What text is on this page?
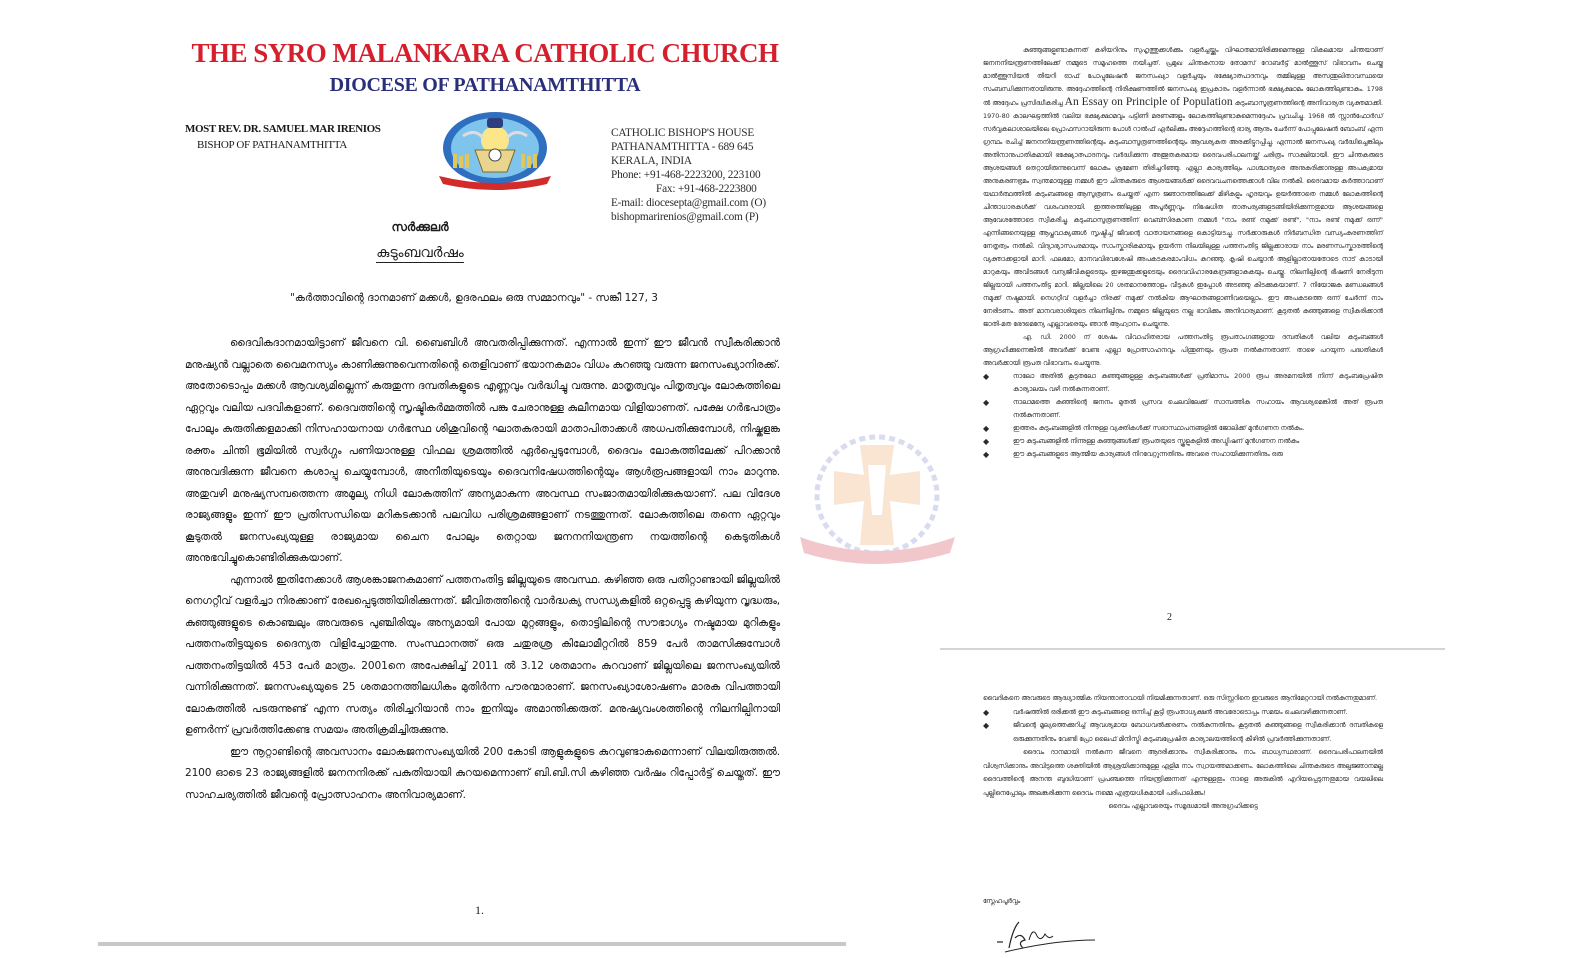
THE SYRO MALANKARA CATHOLIC CHURCH
DIOCESE OF PATHANAMTHITTA
MOST REV. DR. SAMUEL MAR IRENIOS
BISHOP OF PATHANAMTHITTA
CATHOLIC BISHOP'S HOUSE
PATHANAMTHITTA - 689 645
KERALA, INDIA
Phone: +91-468-2223200, 223100
Fax: +91-468-2223800
E-mail: diocesepta@gmail.com (O)
bishopmarirenios@gmail.com (P)
സർക്കുലർ
കുടുംബവർഷം
"കർത്താവിന്റെ ദാനമാണ് മക്കൾ, ഉദരഫലം ഒരു സമ്മാനവും" - സങ്കീ 127, 3

ദൈവികദാനമായിട്ടാണ് ജീവനെ വി. ബൈബിൾ അവതരിപ്പിക്കുന്നത്. എന്നാൽ ഇന്ന് ഈ ജീവൻ സ്വീകരിക്കാൻ മനുഷ്യൻ വല്ലാതെ വൈമനസ്യം കാണിക്കുന്നുവെന്നതിന്റെ തെളിവാണ് ഭയാനകമാം വിധം കുറഞ്ഞു വരുന്ന ജനസംഖ്യാനിരക്ക്. അതോടൊപ്പം മക്കൾ ആവശ്യമില്ലെന്ന് കരുതുന്ന ദമ്പതികളുടെ എണ്ണവും വർദ്ധിച്ചു വരുന്നു. മാതൃത്വവും പിതൃത്വവും ലോകത്തിലെ ഏറ്റവും വലിയ പദവികളാണ്. ദൈവത്തിന്റെ സൃഷ്ടികർമ്മത്തിൽ പങ്കു ചേരാനുള്ള കുലീനമായ വിളിയാണത്. പക്ഷേ ഗർഭപാത്രം പോലും കുരുതിക്കളമാക്കി നിസഹായനായ ഗർഭസ്ഥ ശിശുവിന്റെ ഘാതകരായി മാതാപിതാക്കൾ അധപതിക്കുമ്പോൾ, നിഷ്കളങ്ക രക്തം ചിന്തി ഭൂമിയിൽ സ്വർഗ്ഗം പണിയാനുള്ള വിഫല ശ്രമത്തിൽ ഏർപ്പെടുമ്പോൾ, ദൈവം ലോകത്തിലേക്ക് പിറക്കാൻ അനുവദിക്കുന്ന ജീവനെ കശാപ്പു ചെയ്യുമ്പോൾ, അനീതിയുടെയും ദൈവനിഷേധത്തിന്റെയും ആൾരൂപങ്ങളായി നാം മാറുന്നു. അതുവഴി മനുഷ്യസമ്പത്തെന്ന അമൂല്യ നിധി ലോകത്തിന് അന്യമാകുന്ന അവസ്ഥ സംജാതമായിരിക്കുകയാണ്. പല വിദേശ രാജ്യങ്ങളും ഇന്ന് ഈ പ്രതിസന്ധിയെ മറികടക്കാൻ പലവിധ പരിശ്രമങ്ങളാണ് നടത്തുന്നത്. ലോകത്തിലെ തന്നെ ഏറ്റവും കൂടുതൽ ജനസംഖ്യയുള്ള രാജ്യമായ ചൈന പോലും തെറ്റായ ജനനനിയന്ത്രണ നയത്തിന്റെ കെടുതികൾ അനുഭവിച്ചുകൊണ്ടിരിക്കുകയാണ്.

എന്നാൽ ഇതിനേക്കാൾ ആശങ്കാജനകമാണ് പത്തനംതിട്ട ജില്ലയുടെ അവസ്ഥ. കഴിഞ്ഞ ഒരു പതിറ്റാണ്ടായി ജില്ലയിൽ നെഗറ്റീവ് വളർച്ചാ നിരക്കാണ് രേഖപ്പെടുത്തിയിരിക്കുന്നത്. ജീവിതത്തിന്റെ വാർദ്ധക്യ സന്ധ്യകളിൽ ഒറ്റപ്പെട്ടു കഴിയുന്ന വൃദ്ധരും, കുഞ്ഞുങ്ങളുടെ കൊഞ്ചലും അവരുടെ പുഞ്ചിരിയും അന്യമായി പോയ മുറ്റങ്ങളും, തൊട്ടിലിന്റെ സൗഭാഗ്യം നഷ്ടമായ മുറികളും പത്തനംതിട്ടയുടെ ദൈന്യത വിളിച്ചോതുന്നു. സംസ്ഥാനത്ത് ഒരു ചതുരശ്ര കിലോമീറ്ററിൽ 859 പേർ താമസിക്കുമ്പോൾ പത്തനംതിട്ടയിൽ 453 പേർ മാത്രം. 2001നെ അപേക്ഷിച്ച് 2011 ൽ 3.12 ശതമാനം കുറവാണ് ജില്ലയിലെ ജനസംഖ്യയിൽ വന്നിരിക്കുന്നത്. ജനസംഖ്യയുടെ 25 ശതമാനത്തിലധികം മുതിർന്ന പൗരന്മാരാണ്. ജനസംഖ്യാശോഷണം മാരക വിപത്തായി ലോകത്തിൽ പടരുന്നുണ്ട് എന്ന സത്യം തിരിച്ചറിയാൻ നാം ഇനിയും അമാന്തിക്കരുത്. മനുഷ്യവംശത്തിന്റെ നിലനില്പിനായി ഉണർന്ന് പ്രവർത്തിക്കേണ്ട സമയം അതിക്രമിച്ചിരുക്കുന്നു.

ഈ നൂറ്റാണ്ടിന്റെ അവസാനം ലോകജനസംഖ്യയിൽ 200 കോടി ആളുകളുടെ കുറവുണ്ടാകുമെന്നാണ് വിലയിരുത്തൽ. 2100 ഓടെ 23 രാജ്യങ്ങളിൽ ജനനനിരക്ക് പകുതിയായി കുറയമെന്നാണ് ബി.ബി.സി കഴിഞ്ഞ വർഷം റിപ്പോർട്ട് ചെയ്തത്. ഈ സാഹചര്യത്തിൽ ജീവന്റെ പ്രോത്സാഹനം അനിവാര്യമാണ്.

1.

കുഞ്ഞുങ്ങളുണ്ടാകുന്നത് കഴിയറിനും സുഹൃത്തുക്കൾക്കും വളർച്ചയ്ക്കും വിഘാതമായിരിക്കുമെന്നുള്ള വികലമായ ചിന്തയാണ് ജനനനിയന്ത്രണത്തിലേക്ക് നമ്മുടെ സമൂഹത്തെ നയിച്ചത്. പ്രമുഖ ചിന്തകനായ തോമസ് റോബർട്ട് മാൽത്തൂസ് വിഭാവനം ചെയ്ത മാൽത്തൂസിയൻ തിയറി ഓഫ് പോപ്പുലേഷൻ ജനസംഖ്യാ വളർച്ചയും ഭക്ഷ്യോത്പാദനവും തമ്മിലുള്ള അസന്തുലിതാവസ്ഥയെ സംബന്ധിക്കുന്നതായിരുന്നു. അദ്ദേഹത്തിന്റെ നിരീക്ഷണത്തിൽ ജനസംഖ്യ ഇപ്രകാരം വളർന്നാൽ ഭക്ഷ്യക്ഷാമം ലോകത്തിലുണ്ടാകും. 1798 ൽ അദ്ദേഹം പ്രസിദ്ധീകരിച്ച An Essay on Principle of Population കുടുംബാസൂത്രണത്തിന്റെ അനിവാര്യത വ്യക്തമാക്കി. 1970-80 കാലഘട്ടത്തിൽ വലിയ ഭക്ഷ്യക്ഷാമവും പട്ടിണി മരണങ്ങളും ലോകത്തിലുണ്ടാകുമെന്നദ്ദേഹം പ്രവചിച്ചു. 1968 ൽ സ്റ്റാൻഫോർഡ് സർവ്വകലാശാലയിലെ പ്രൊഫസറായിരുന്ന പോൾ റാൽഫ് എർലിക്കും അദ്ദേഹത്തിന്റെ ഭാര്യ ആനും ചേർന്ന് പോപ്പുലേഷൻ ബോംബ് എന്ന ഗ്രന്ഥം രചിച്ച് ജനനനിയന്ത്രണത്തിന്റെയും കുടുംബാസൂത്രണത്തിന്റെയും ആവശ്യകത അരക്കിട്ടുറപ്പിച്ചു. എന്നാൽ ജനസംഖ്യ വർദ്ധിച്ചെങ്കിലും അതിനാനുപാതികമായി ഭക്ഷ്യോത്പാദനവും വർദ്ധിക്കുന്ന അത്ഭുതകരമായ ദൈവപരിപാലനയ്ക്ക് ചരിത്രം സാക്ഷിയായി. ഈ ചിന്തകരുടെ ആശയങ്ങൾ തെറ്റായിരുന്നുവെന്ന് ലോകം ക്രമേണ തിരിച്ചറിഞ്ഞു. എല്ലാ കാര്യത്തിലും പാശ്ചാത്യരെ അനുകരിക്കാനുള്ള അപക്വമായ അനുകരണഭ്രമം സ്വന്തമായുള്ള നമ്മൾ ഈ ചിന്തകരുടെ ആശയങ്ങൾക്ക് ദൈവവചനത്തെക്കാൾ വില നൽകി. ദൈവമായ കർത്താവാണ് യഥാർത്ഥത്തിൽ കുടുംബങ്ങളെ ആസൂത്രണം ചെയ്തത് എന്ന ജ്ഞാനത്തിലേക്ക് മിഴികളും ഹൃദയവും ഉയർത്താതെ നമ്മൾ ലോകത്തിന്റെ ചിന്താധാരകൾക്ക് വശംവദരായി. ഇത്തരത്തിലുള്ള അപൂർണ്ണവും നിഷേധിത താത്പര്യങ്ങളടങ്ങിയിരിക്കുന്നതുമായ ആശയങ്ങളെ ആവേശത്തോടെ സ്വീകരിച്ചു. കുടുംബാസൂത്രണത്തിന് വെബ്സിരകാണ നമ്മൾ "നാം രണ്ട് നമുക്ക് രണ്ട്", "നാം രണ്ട് നമുക്ക് ഒന്ന്" എന്നിങ്ങനെയുള്ള ആപ്തവാക്യങ്ങൾ സൃഷ്ടിച്ച് ജീവന്റെ വാതായനങ്ങളെ കൊട്ടിയടച്ചു. സർക്കാരുകൾ നിർബന്ധിത വന്ധ്യംകരണത്തിന് നേതൃത്വം നൽകി. വിദ്യാഭ്യാസപരമായും സാംസ്കാരികമായും ഉയർന്ന നിലയിലുള്ള പത്തനംതിട്ട ജില്ലക്കാരായ നാം മരണസംസ്കാരത്തിന്റെ വ്യക്താക്കളായി മാറി. ഫലമോ, മാനവവിഭവശേഷി അപകടകരമാംവിധം കുറഞ്ഞു. കൃഷി ചെയ്യാൻ ആളില്ലാതായതോടെ നാട് കാടായി മാറുകയും അവിടങ്ങൾ വന്യജീവികളുടെയും ഇഴജന്തുക്കളുടെയും ദൈവവിഹാരകേന്ദ്രങ്ങളാകുകയും ചെയ്തു. നിലനില്പിന്റെ ഭീഷണി നേരിടുന്ന ജില്ലയായി പത്തനംതിട്ട മാറി. ജില്ലയിലെ 20 ശതമാനത്തോളം വീടുകൾ ഇപ്പോൾ അടഞ്ഞു കിടക്കുകയാണ്. 7 നിയോജക മണ്ഡലങ്ങൾ നമുക്ക് നഷ്ടമായി. നെഗറ്റീവ് വളർച്ചാ നിരക്ക് നമുക്ക് നൽകിയ ആഘാതങ്ങളാണിവയെല്ലാം. ഈ അപകടത്തെ ഒന്ന് ചേർന്ന് നാം നേരിടണം. അത് മാനവരാശിയുടെ നിലനില്പിനും നമ്മുടെ ജില്ലയുടെ നല്ല ഭാവിക്കും അനിവാര്യമാണ്. കൂടുതൽ കുഞ്ഞുങ്ങളെ സ്വീകരിക്കാൻ ജാതി-മത ഭേദമെന്യേ എല്ലാവരെയും ഞാൻ ആഹ്വാനം ചെയ്യുന്നു.

എ. ഡി. 2000 ന് ശേഷം വിവാഹിതരായ പത്തനംതിട്ട രൂപതാംഗങ്ങളായ ദമ്പതികൾ വലിയ കുടുംബങ്ങൾ ആഗ്രഹിക്കുന്നെങ്കിൽ അവർക്ക് വേണ്ട എല്ലാ പ്രോത്സാഹനവും പിന്തുണയും രൂപത നൽകുന്നതാണ്. താഴെ പറയുന്ന പദ്ധതികൾ അവർക്കായി രൂപത വിഭാവനം ചെയ്യുന്നു.

◆	നാലോ അതിൽ കൂടുതലോ കുഞ്ഞുങ്ങളുള്ള കുടുംബങ്ങൾക്ക് പ്രതിമാസം 2000 രൂപ അരമനയിൽ നിന്ന് കുടുംബപ്രേഷിത കാര്യാലയം വഴി നൽകുന്നതാണ്.
◆	നാലാമത്തെ കുഞ്ഞിന്റെ ജനനം മുതൽ പ്രസവ ചെലവിലേക്ക് സാമ്പത്തിക സഹായം ആവശ്യമെങ്കിൽ അത് രൂപത നൽകുന്നതാണ്.
◆	ഇത്തരം കുടുംബങ്ങളിൽ നിന്നുള്ള വ്യക്തികൾക്ക് സഭാസ്ഥാപനങ്ങളിൽ ജോലിക്ക് മുൻഗണന നൽകും.
◆	ഈ കുടുംബങ്ങളിൽ നിന്നുള്ള കുഞ്ഞുങ്ങൾക്ക് രൂപതയുടെ സ്കൂളുകളിൽ അഡ്മിഷന് മുൻഗണന നൽകും
◆	ഈ കുടുംബങ്ങളുടെ ആത്മീയ കാര്യങ്ങൾ നിറവേറ്റുന്നതിനും അവരെ സഹായിക്കുന്നതിനും ഒരു
2

വൈദികനെ അവരുടെ ആദ്ധ്യാത്മിക നിയന്താതാവായി നിയമിക്കുന്നതാണ്. ഒരു സിസ്റ്ററിനെ ഇവരുടെ ആനിമേറ്ററായി നൽകുന്നതുമാണ്.

◆	വർഷത്തിൽ ഒരിക്കൽ ഈ കുടുംബങ്ങളെ ഒന്നിച്ച് കൂട്ടി രൂപതാധ്യക്ഷൻ അവരോടൊപ്പം സമയം ചെലവഴിക്കുന്നതാണ്.
◆	ജീവന്റെ മൂല്യത്തെക്കുറിച്ച് ആവശ്യമായ ബോധവൽക്കരണം നൽകുന്നതിനും കൂടുതൽ കുഞ്ഞുങ്ങളെ സ്വീകരിക്കാൻ ദമ്പതികളെ ഒരുക്കുന്നതിനും വേണ്ടി പ്രോ ലൈഫ് മിനിസ്ട്രി കുടുംബപ്രേഷിത കാര്യാലയത്തിന്റെ കീഴിൽ പ്രവർത്തിക്കുന്നതാണ്.

ദൈവം ദാനമായി നൽകുന്ന ജീവനെ ആദരിക്കാനും സ്വീകരിക്കാനും നാം ബാധ്യസ്ഥരാണ്. ദൈവപരിപാലനയിൽ വിശ്വസിക്കാനും അവിടുത്തെ ശക്തിയിൽ ആശ്രയിക്കാനുമുള്ള എളിമ നാം സ്വായത്തമാക്കണം. ലോകത്തിലെ ചിന്തകരുടെ അല്പജ്ഞാനമല്ല ദൈവത്തിന്റെ അനന്ത ബുദ്ധിയാണ് പ്രപഞ്ചത്തെ നിയന്ത്രിക്കുന്നത് എന്നുള്ളതും നാളെ അരുകിൽ എറിയപ്പെടുന്നതുമായ വയലിലെ പുല്ലിനെപ്പോലും അലങ്കരിക്കുന്ന ദൈവം നമ്മെ എത്രയധികമായി പരിപാലിക്കും!

ദൈവം എല്ലാവരെയും സമൃദ്ധമായി അനുഗ്രഹിക്കട്ടെ

സ്നേഹപൂർവ്വം
